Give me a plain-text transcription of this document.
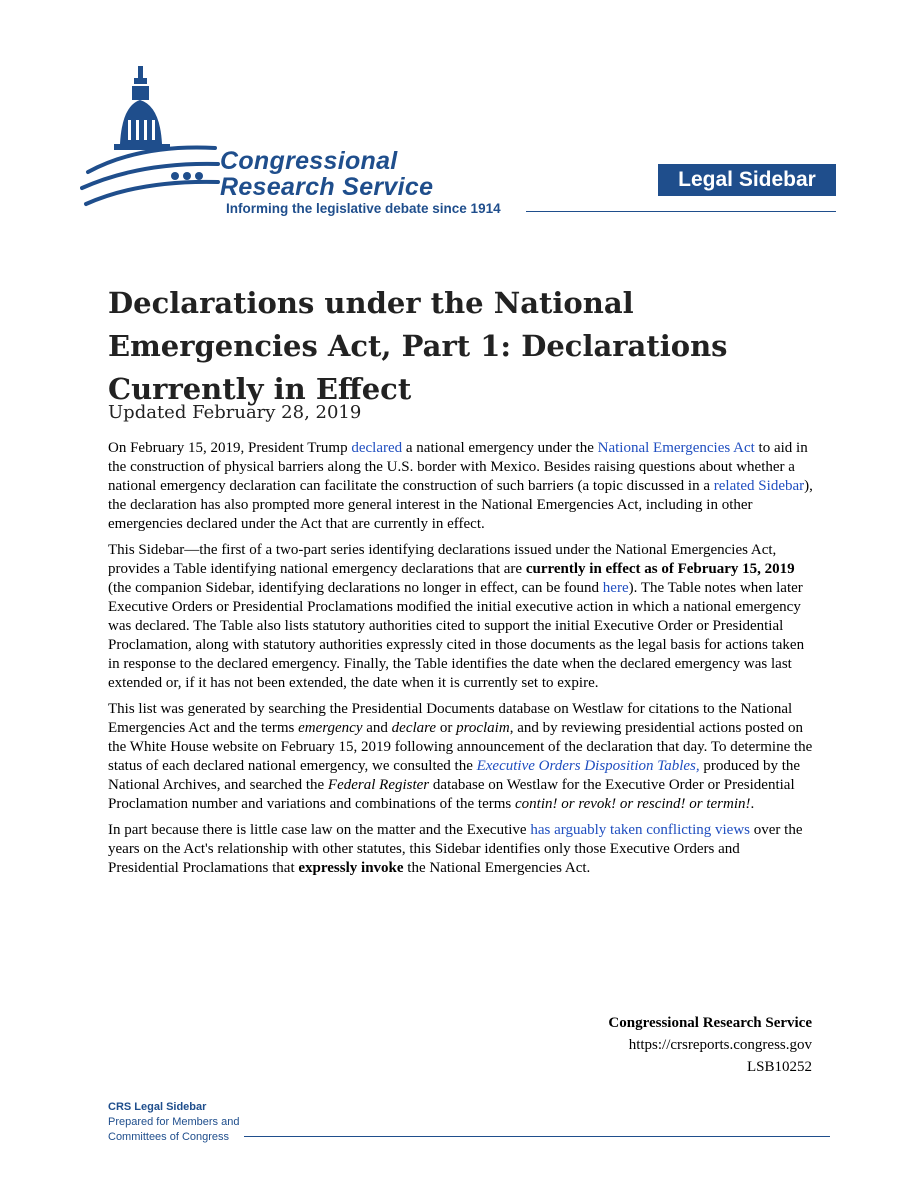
Congressional
Research Service
Informing the legislative debate since 1914
Legal Sidebar
Declarations under the National Emergencies Act, Part 1: Declarations Currently in Effect
Updated February 28, 2019

On February 15, 2019, President Trump declared a national emergency under the National Emergencies Act to aid in the construction of physical barriers along the U.S. border with Mexico. Besides raising questions about whether a national emergency declaration can facilitate the construction of such barriers (a topic discussed in a related Sidebar), the declaration has also prompted more general interest in the National Emergencies Act, including in other emergencies declared under the Act that are currently in effect.

This Sidebar—the first of a two-part series identifying declarations issued under the National Emergencies Act, provides a Table identifying national emergency declarations that are currently in effect as of February 15, 2019 (the companion Sidebar, identifying declarations no longer in effect, can be found here). The Table notes when later Executive Orders or Presidential Proclamations modified the initial executive action in which a national emergency was declared. The Table also lists statutory authorities cited to support the initial Executive Order or Presidential Proclamation, along with statutory authorities expressly cited in those documents as the legal basis for actions taken in response to the declared emergency. Finally, the Table identifies the date when the declared emergency was last extended or, if it has not been extended, the date when it is currently set to expire.

This list was generated by searching the Presidential Documents database on Westlaw for citations to the National Emergencies Act and the terms emergency and declare or proclaim, and by reviewing presidential actions posted on the White House website on February 15, 2019 following announcement of the declaration that day. To determine the status of each declared national emergency, we consulted the Executive Orders Disposition Tables, produced by the National Archives, and searched the Federal Register database on Westlaw for the Executive Order or Presidential Proclamation number and variations and combinations of the terms contin! or revok! or rescind! or termin!.

In part because there is little case law on the matter and the Executive has arguably taken conflicting views over the years on the Act's relationship with other statutes, this Sidebar identifies only those Executive Orders and Presidential Proclamations that expressly invoke the National Emergencies Act.

Congressional Research Service
https://crsreports.congress.gov
LSB10252
CRS Legal Sidebar
Prepared for Members and
Committees of Congress
